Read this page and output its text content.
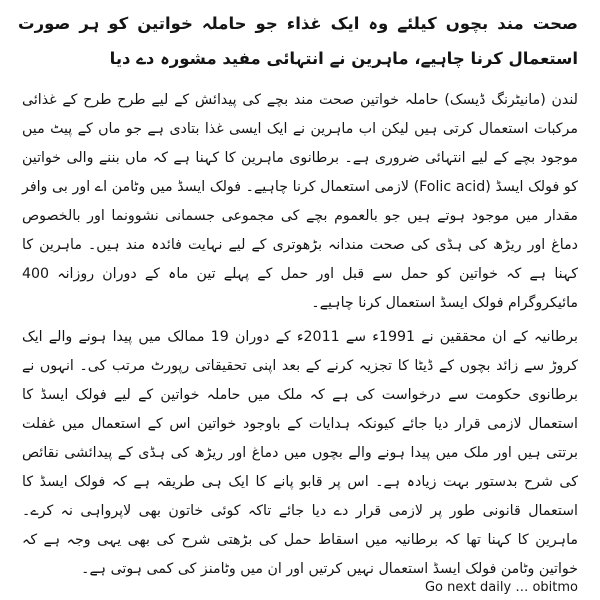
صحت مند بچوں کیلئے وہ ایک غذاء جو حاملہ خواتین کو ہر صورت استعمال کرنا چاہیے، ماہرین نے انتہائی مفید مشورہ دے دیا
لندن (مانیٹرنگ ڈیسک) حاملہ خواتین صحت مند بچے کی پیدائش کے لیے طرح طرح کے غذائی مرکبات استعمال کرتی ہیں لیکن اب ماہرین نے ایک ایسی غذا بتادی ہے جو ماں کے پیٹ میں موجود بچے کے لیے انتہائی ضروری ہے۔ برطانوی ماہرین کا کہنا ہے کہ ماں بننے والی خواتین کو فولک ایسڈ (Folic acid) لازمی استعمال کرنا چاہیے۔ فولک ایسڈ میں وٹامن اے اور بی وافر مقدار میں موجود ہوتے ہیں جو بالعموم بچے کی مجموعی جسمانی نشوونما اور بالخصوص دماغ اور ریڑھ کی ہڈی کی صحت مندانہ بڑھوتری کے لیے نہایت فائدہ مند ہیں۔ ماہرین کا کہنا ہے کہ خواتین کو حمل سے قبل اور حمل کے پہلے تین ماہ کے دوران روزانہ 400 مائیکروگرام فولک ایسڈ استعمال کرنا چاہیے۔
برطانیہ کے ان محققین نے 1991ء سے 2011ء کے دوران 19 ممالک میں پیدا ہونے والے ایک کروڑ سے زائد بچوں کے ڈیٹا کا تجزیہ کرنے کے بعد اپنی تحقیقاتی رپورٹ مرتب کی۔ انہوں نے برطانوی حکومت سے درخواست کی ہے کہ ملک میں حاملہ خواتین کے لیے فولک ایسڈ کا استعمال لازمی قرار دیا جائے کیونکہ ہدایات کے باوجود خواتین اس کے استعمال میں غفلت برتتی ہیں اور ملک میں پیدا ہونے والے بچوں میں دماغ اور ریڑھ کی ہڈی کے پیدائشی نقائص کی شرح بدستور بہت زیادہ ہے۔ اس پر قابو پانے کا ایک ہی طریقہ ہے کہ فولک ایسڈ کا استعمال قانونی طور پر لازمی قرار دے دیا جائے تاکہ کوئی خاتون بھی لاپرواہی نہ کرے۔ ماہرین کا کہنا تھا کہ برطانیہ میں اسقاط حمل کی بڑھتی شرح کی بھی یہی وجہ ہے کہ خواتین وٹامن فولک ایسڈ استعمال نہیں کرتیں اور ان میں وٹامنز کی کمی ہوتی ہے۔
Go next daily … obitmo
